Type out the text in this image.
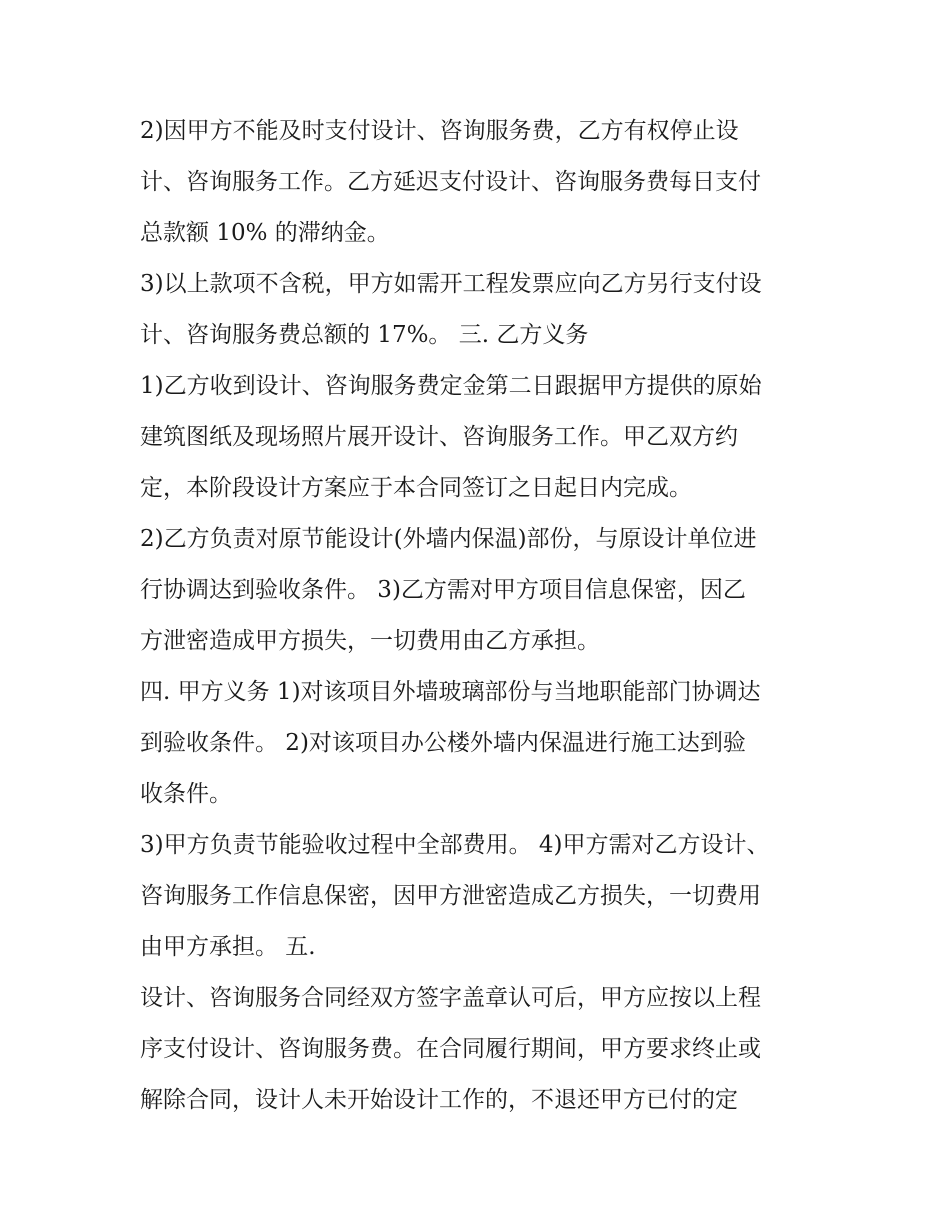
2)因甲方不能及时支付设计、咨询服务费，乙方有权停止设
计、咨询服务工作。乙方延迟支付设计、咨询服务费每日支付
总款额 10% 的滞纳金。
3)以上款项不含税，甲方如需开工程发票应向乙方另行支付设
计、咨询服务费总额的 17%。 三. 乙方义务
1)乙方收到设计、咨询服务费定金第二日跟据甲方提供的原始
建筑图纸及现场照片展开设计、咨询服务工作。甲乙双方约
定，本阶段设计方案应于本合同签订之日起日内完成。
2)乙方负责对原节能设计(外墙内保温)部份，与原设计单位进
行协调达到验收条件。 3)乙方需对甲方项目信息保密，因乙
方泄密造成甲方损失，一切费用由乙方承担。
四. 甲方义务 1)对该项目外墙玻璃部份与当地职能部门协调达
到验收条件。 2)对该项目办公楼外墙内保温进行施工达到验
收条件。
3)甲方负责节能验收过程中全部费用。 4)甲方需对乙方设计、
咨询服务工作信息保密，因甲方泄密造成乙方损失，一切费用
由甲方承担。 五.
设计、咨询服务合同经双方签字盖章认可后，甲方应按以上程
序支付设计、咨询服务费。在合同履行期间，甲方要求终止或
解除合同，设计人未开始设计工作的，不退还甲方已付的定
